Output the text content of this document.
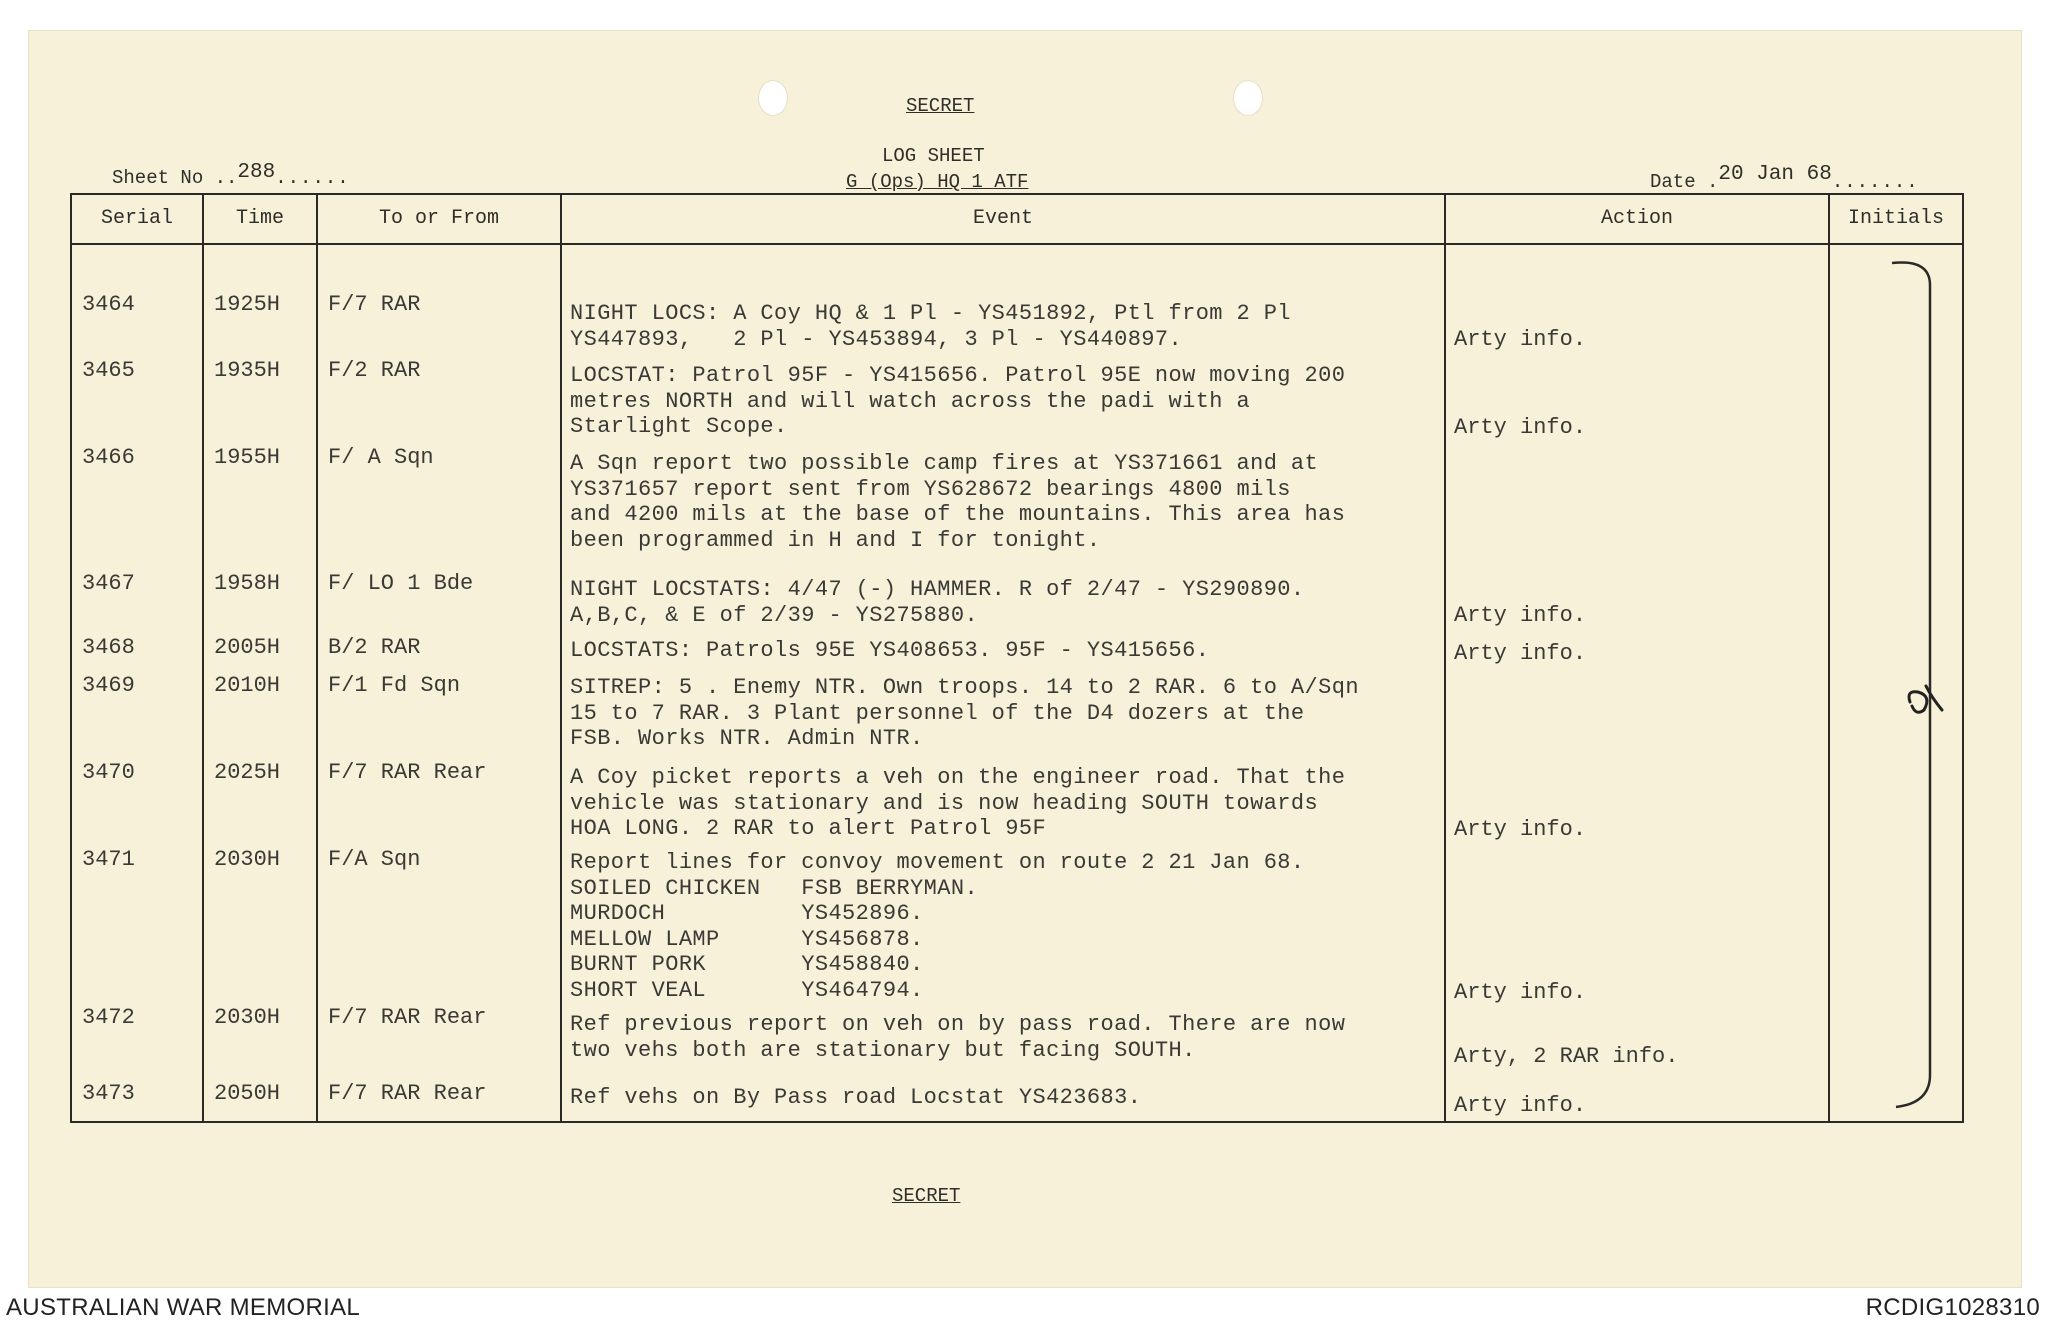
SECRET
LOG SHEET
G (Ops) HQ 1 ATF
Sheet No ..288......	Date .20 Jan 68.......
Serial	Time	To or From	Event	Action	Initials
3464	1925H F/7 RAR	NIGHT LOCS: A Coy HQ & 1 Pl - YS451892, Ptl from 2 Pl
YS447893,   2 Pl - YS453894, 3 Pl - YS440897.	Arty info.
3465	1935H F/2 RAR	LOCSTAT: Patrol 95F - YS415656. Patrol 95E now moving 200
metres NORTH and will watch across the padi with a
Starlight Scope.	Arty info.
3466	1955H F/ A Sqn	A Sqn report two possible camp fires at YS371661 and at
YS371657 report sent from YS628672 bearings 4800 mils
and 4200 mils at the base of the mountains. This area has
been programmed in H and I for tonight.
3467	1958H F/ LO 1 Bde	NIGHT LOCSTATS: 4/47 (-) HAMMER. R of 2/47 - YS290890.
A,B,C, & E of 2/39 - YS275880.	Arty info.
3468	2005H B/2 RAR	LOCSTATS: Patrols 95E YS408653. 95F - YS415656.	Arty info.
3469	2010H F/1 Fd Sqn	SITREP: 5 . Enemy NTR. Own troops. 14 to 2 RAR. 6 to A/Sqn
15 to 7 RAR. 3 Plant personnel of the D4 dozers at the
FSB. Works NTR. Admin NTR.
3470	2025H F/7 RAR Rear	A Coy picket reports a veh on the engineer road. That the
vehicle was stationary and is now heading SOUTH towards
HOA LONG. 2 RAR to alert Patrol 95F	Arty info.
3471	2030H F/A Sqn	Report lines for convoy movement on route 2 21 Jan 68.
SOILED CHICKEN   FSB BERRYMAN.
MURDOCH          YS452896.
MELLOW LAMP      YS456878.
BURNT PORK       YS458840.
SHORT VEAL       YS464794.	Arty info.
3472	2030H F/7 RAR Rear	Ref previous report on veh on by pass road. There are now
two vehs both are stationary but facing SOUTH.	Arty, 2 RAR info.
3473	2050H F/7 RAR Rear	Ref vehs on By Pass road Locstat YS423683.	Arty info.
SECRET
AUSTRALIAN WAR MEMORIAL	RCDIG1028310
